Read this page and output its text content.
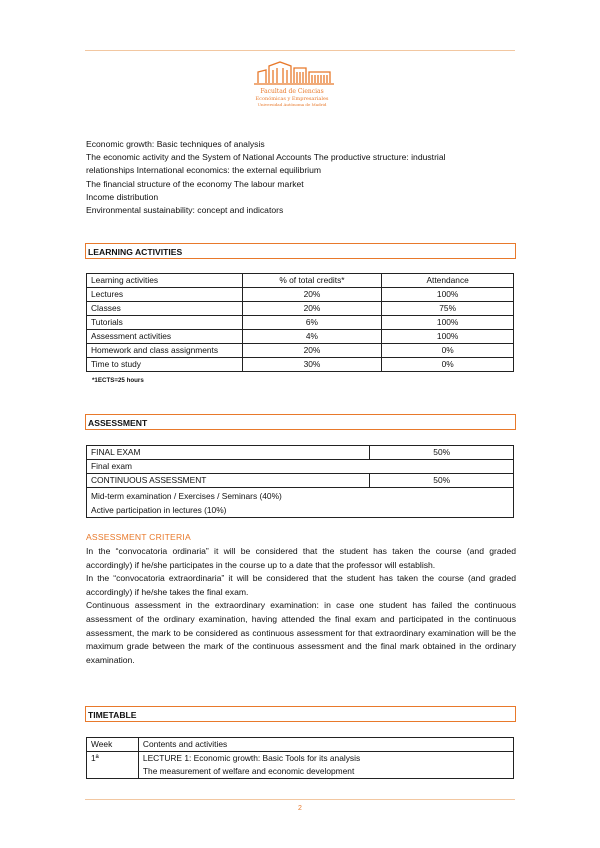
Facultad de Ciencias
Económicas y Empresariales
Universidad Autónoma de Madrid
Economic growth: Basic techniques of analysis
The economic activity and the System of National Accounts The productive structure: industrial
relationships International economics: the external equilibrium
The financial structure of the economy The labour market
Income distribution
Environmental sustainability: concept and indicators
LEARNING ACTIVITIES
Learning activities	% of total credits*	Attendance
Lectures	20%	100%
Classes	20%	75%
Tutorials	6%	100%
Assessment activities	4%	100%
Homework and class assignments	20%	0%
Time to study	30%	0%
*1ECTS=25 hours
ASSESSMENT
FINAL EXAM	50%
Final exam	
CONTINUOUS ASSESSMENT	50%

Mid-term examination / Exercises / Seminars (40%)
Active participation in lectures (10%)	
ASSESSMENT CRITERIA

In the “convocatoria ordinaria” it will be considered that the student has taken the course (and graded accordingly) if he/she participates in the course up to a date that the professor will establish.

In the “convocatoria extraordinaria” it will be considered that the student has taken the course (and graded accordingly) if he/she takes the final exam.

Continuous assessment in the extraordinary examination: in case one student has failed the continuous assessment of the ordinary examination, having attended the final exam and participated in the continuous assessment, the mark to be considered as continuous assessment for that extraordinary examination will be the maximum grade between the mark of the continuous assessment and the final mark obtained in the ordinary examination.

TIMETABLE
Week	Contents and activities
1ª	LECTURE 1: Economic growth: Basic Tools for its analysis
The measurement of welfare and economic development
2
